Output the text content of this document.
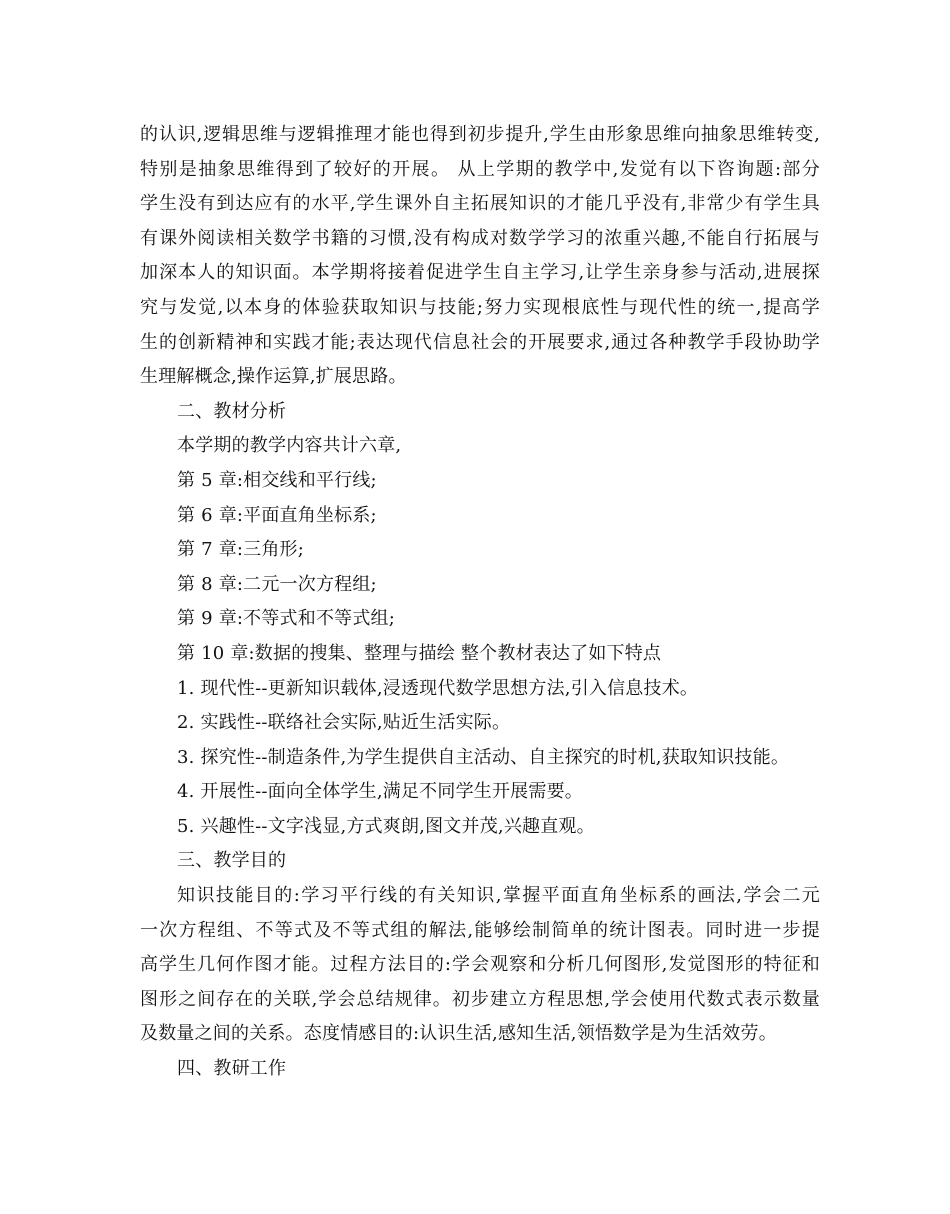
的认识,逻辑思维与逻辑推理才能也得到初步提升,学生由形象思维向抽象思维转变,
特别是抽象思维得到了较好的开展。 从上学期的教学中,发觉有以下咨询题:部分
学生没有到达应有的水平,学生课外自主拓展知识的才能几乎没有,非常少有学生具
有课外阅读相关数学书籍的习惯,没有构成对数学学习的浓重兴趣,不能自行拓展与
加深本人的知识面。本学期将接着促进学生自主学习,让学生亲身参与活动,进展探
究与发觉,以本身的体验获取知识与技能;努力实现根底性与现代性的统一,提高学
生的创新精神和实践才能;表达现代信息社会的开展要求,通过各种教学手段协助学
生理解概念,操作运算,扩展思路。
二、教材分析
本学期的教学内容共计六章,
第 5 章:相交线和平行线;
第 6 章:平面直角坐标系;
第 7 章:三角形;
第 8 章:二元一次方程组;
第 9 章:不等式和不等式组;
第 10 章:数据的搜集、整理与描绘 整个教材表达了如下特点
1. 现代性--更新知识载体,浸透现代数学思想方法,引入信息技术。
2. 实践性--联络社会实际,贴近生活实际。
3. 探究性--制造条件,为学生提供自主活动、自主探究的时机,获取知识技能。
4. 开展性--面向全体学生,满足不同学生开展需要。
5. 兴趣性--文字浅显,方式爽朗,图文并茂,兴趣直观。
三、教学目的
知识技能目的:学习平行线的有关知识,掌握平面直角坐标系的画法,学会二元
一次方程组、不等式及不等式组的解法,能够绘制简单的统计图表。同时进一步提
高学生几何作图才能。过程方法目的:学会观察和分析几何图形,发觉图形的特征和
图形之间存在的关联,学会总结规律。初步建立方程思想,学会使用代数式表示数量
及数量之间的关系。态度情感目的:认识生活,感知生活,领悟数学是为生活效劳。
四、教研工作
